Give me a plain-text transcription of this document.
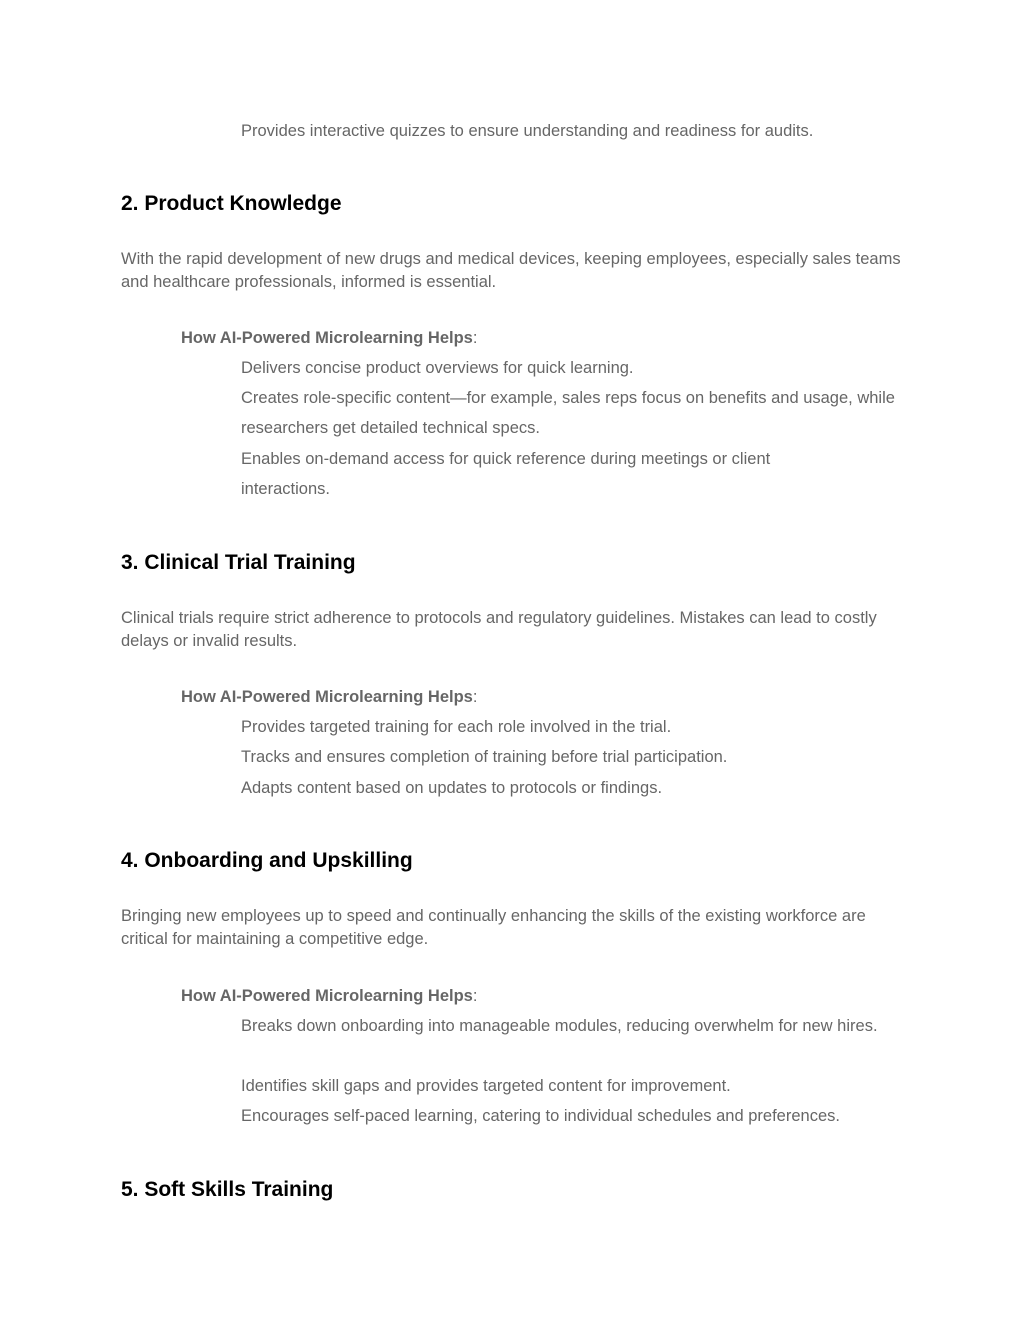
Provides interactive quizzes to ensure understanding and readiness for audits.
2. Product Knowledge
With the rapid development of new drugs and medical devices, keeping employees, especially sales teams and healthcare professionals, informed is essential.
How AI-Powered Microlearning Helps:
Delivers concise product overviews for quick learning.
Creates role-specific content—for example, sales reps focus on benefits and usage, while researchers get detailed technical specs.
Enables on-demand access for quick reference during meetings or client interactions.
3. Clinical Trial Training
Clinical trials require strict adherence to protocols and regulatory guidelines. Mistakes can lead to costly delays or invalid results.
How AI-Powered Microlearning Helps:
Provides targeted training for each role involved in the trial.
Tracks and ensures completion of training before trial participation.
Adapts content based on updates to protocols or findings.
4. Onboarding and Upskilling
Bringing new employees up to speed and continually enhancing the skills of the existing workforce are critical for maintaining a competitive edge.
How AI-Powered Microlearning Helps:
Breaks down onboarding into manageable modules, reducing overwhelm for new hires.
Identifies skill gaps and provides targeted content for improvement.
Encourages self-paced learning, catering to individual schedules and preferences.
5. Soft Skills Training
